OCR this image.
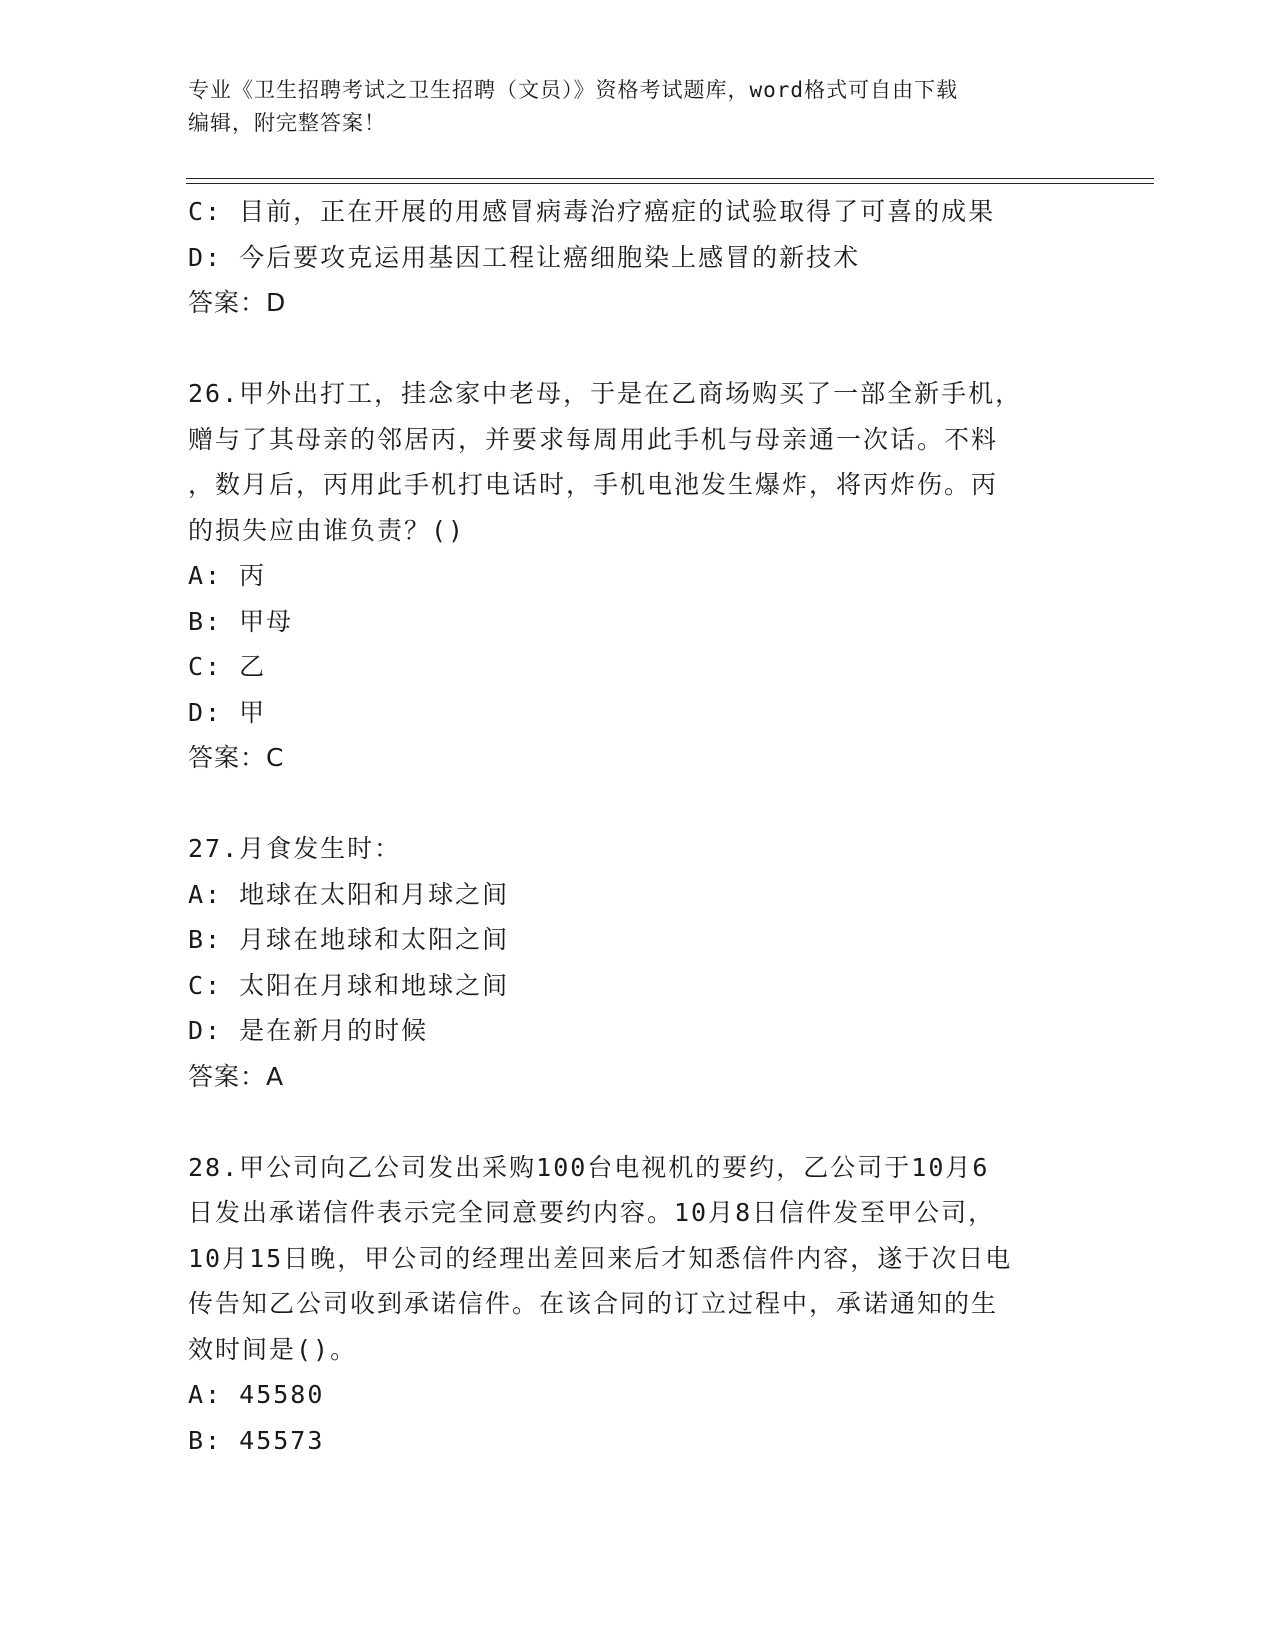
专业《卫生招聘考试之卫生招聘（文员）》资格考试题库，word格式可自由下载
编辑，附完整答案！
C: 目前，正在开展的用感冒病毒治疗癌症的试验取得了可喜的成果
D: 今后要攻克运用基因工程让癌细胞染上感冒的新技术
答案：D
26.甲外出打工，挂念家中老母，于是在乙商场购买了一部全新手机，
赠与了其母亲的邻居丙，并要求每周用此手机与母亲通一次话。不料
，数月后，丙用此手机打电话时，手机电池发生爆炸，将丙炸伤。丙
的损失应由谁负责？()
A: 丙
B: 甲母
C: 乙
D: 甲
答案：C
27.月食发生时：
A: 地球在太阳和月球之间
B: 月球在地球和太阳之间
C: 太阳在月球和地球之间
D: 是在新月的时候
答案：A
28.甲公司向乙公司发出采购100台电视机的要约，乙公司于10月6
日发出承诺信件表示完全同意要约内容。10月8日信件发至甲公司，
10月15日晚，甲公司的经理出差回来后才知悉信件内容，遂于次日电
传告知乙公司收到承诺信件。在该合同的订立过程中，承诺通知的生
效时间是()。
A: 45580
B: 45573
